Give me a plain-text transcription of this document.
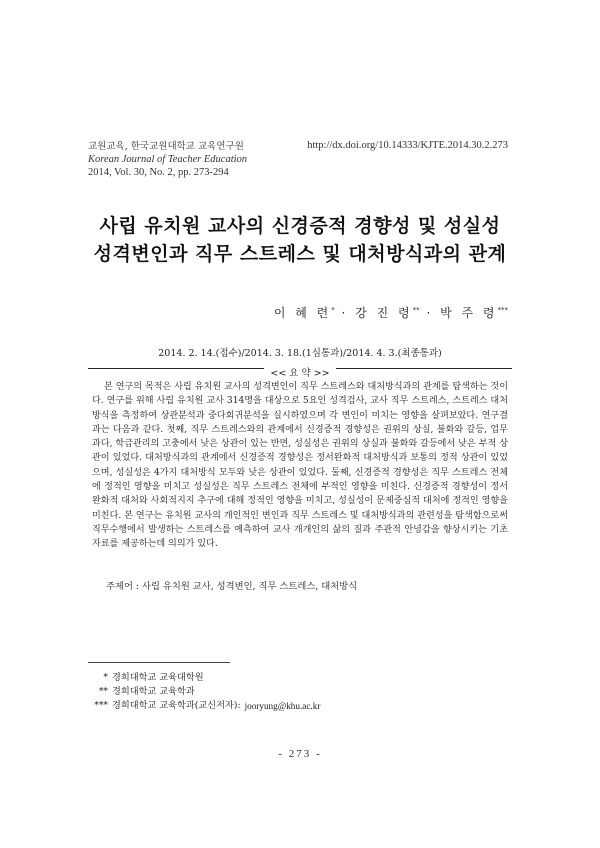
교원교육, 한국교원대학교 교육연구원
Korean Journal of Teacher Education
2014, Vol. 30, No. 2, pp. 273-294
http://dx.doi.org/10.14333/KJTE.2014.30.2.273
사립 유치원 교사의 신경증적 경향성 및 성실성
성격변인과 직무 스트레스 및 대처방식과의 관계
이 혜 련* · 강 진 령** · 박 주 령***
2014. 2. 14.(접수)/2014. 3. 18.(1심통과)/2014. 4. 3.(최종통과)
<< 요 약 >>

본 연구의 목적은 사립 유치원 교사의 성격변인이 직무 스트레스와 대처방식과의 관계를 탐색하는 것이다. 연구를 위해 사립 유치원 교사 314명을 대상으로 5요인 성격검사, 교사 직무 스트레스, 스트레스 대처방식을 측정하여 상관분석과 중다회귀분석을 실시하였으며 각 변인이 미치는 영향을 살펴보았다. 연구결과는 다음과 같다. 첫째, 직무 스트레스와의 관계에서 신경증적 경향성은 권위의 상실, 불화와 갈등, 업무과다, 학급관리의 고충에서 낮은 상관이 있는 반면, 성실성은 권위의 상실과 불화와 갈등에서 낮은 부적 상관이 있었다. 대처방식과의 관계에서 신경증적 경향성은 정서완화적 대처방식과 보통의 정적 상관이 있었으며, 성실성은 4가지 대처방식 모두와 낮은 상관이 있었다. 둘째, 신경증적 경향성은 직무 스트레스 전체에 정적인 영향을 미치고 성실성은 직무 스트레스 전체에 부적인 영향을 미친다. 신경증적 경향성이 정서완화적 대처와 사회적지지 추구에 대해 정적인 영향을 미치고, 성실성이 문제중심적 대처에 정적인 영향을 미친다. 본 연구는 유치원 교사의 개인적인 변인과 직무 스트레스 및 대처방식과의 관련성을 탐색함으로써 직무수행에서 발생하는 스트레스를 예측하여 교사 개개인의 삶의 질과 주관적 안녕감을 향상시키는 기초자료를 제공하는데 의의가 있다.

주제어 : 사립 유치원 교사, 성격변인, 직무 스트레스, 대처방식
* 경희대학교 교육대학원
** 경희대학교 교육학과
*** 경희대학교 교육학과(교신저자): jooryung@khu.ac.kr
- 273 -
